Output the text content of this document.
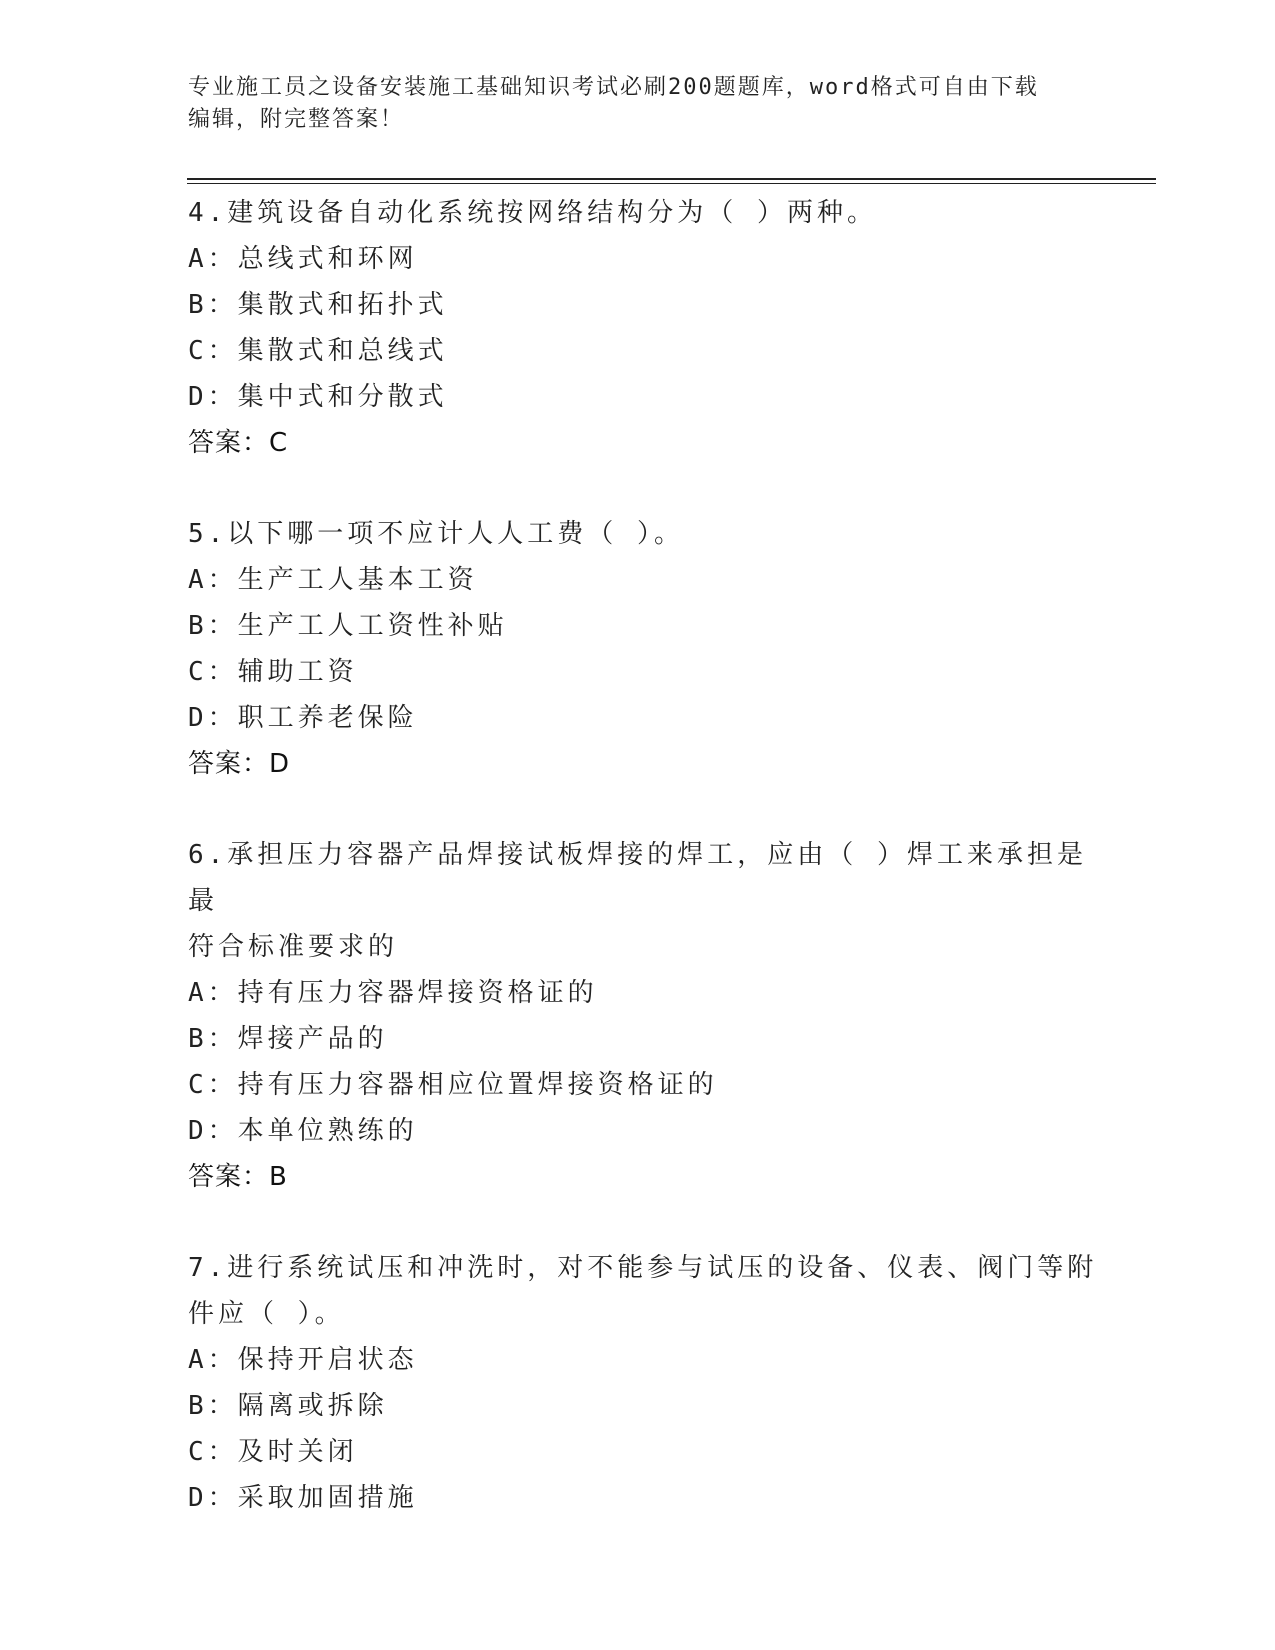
专业施工员之设备安装施工基础知识考试必刷200题题库，word格式可自由下载
编辑，附完整答案！

4.建筑设备自动化系统按网络结构分为（ ）两种。

A：总线式和环网

B：集散式和拓扑式

C：集散式和总线式

D：集中式和分散式

答案：C

5.以下哪一项不应计人人工费（ ）。

A：生产工人基本工资

B：生产工人工资性补贴

C：辅助工资

D：职工养老保险

答案：D

6.承担压力容器产品焊接试板焊接的焊工，应由（ ）焊工来承担是最

符合标准要求的

A：持有压力容器焊接资格证的

B：焊接产品的

C：持有压力容器相应位置焊接资格证的

D：本单位熟练的

答案：B

7.进行系统试压和冲洗时，对不能参与试压的设备、仪表、阀门等附

件应（ ）。

A：保持开启状态

B：隔离或拆除

C：及时关闭

D：采取加固措施
